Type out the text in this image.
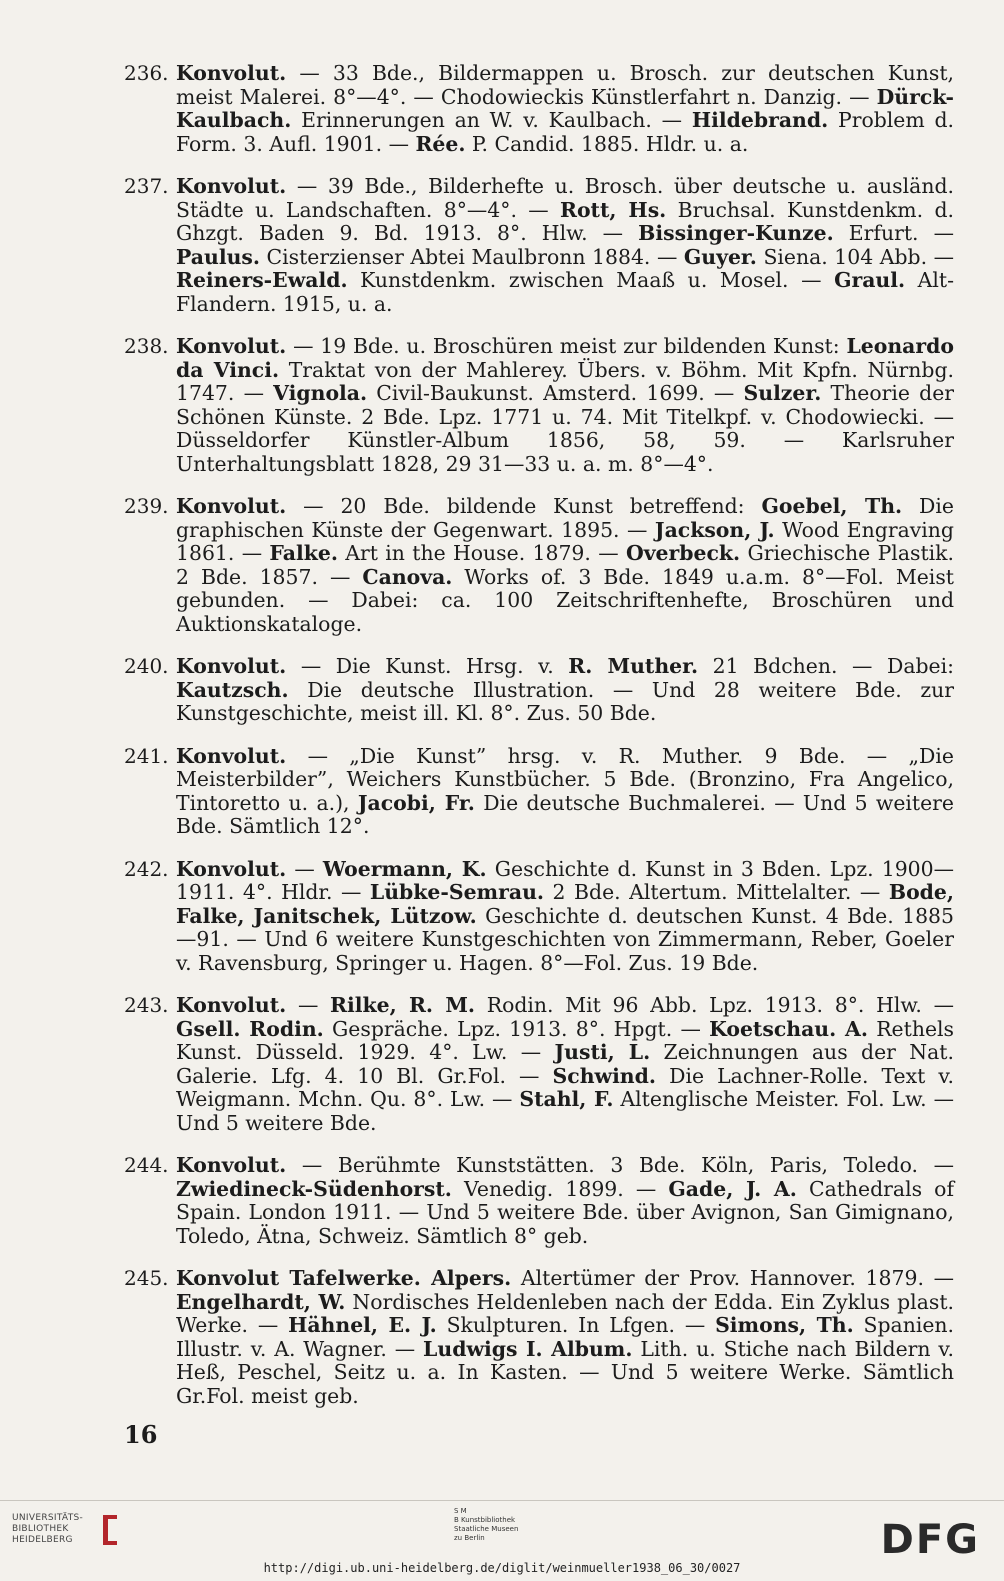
236. Konvolut. — 33 Bde., Bildermappen u. Brosch. zur deutschen Kunst, meist Malerei. 8°—4°. — Chodowieckis Künstlerfahrt n. Danzig. — Dürck-Kaulbach. Erinnerungen an W. v. Kaulbach. — Hildebrand. Problem d. Form. 3. Aufl. 1901. — Rée. P. Candid. 1885. Hldr. u. a.
237. Konvolut. — 39 Bde., Bilderhefte u. Brosch. über deutsche u. ausländ. Städte u. Landschaften. 8°—4°. — Rott, Hs. Bruchsal. Kunstdenkm. d. Ghzgt. Baden 9. Bd. 1913. 8°. Hlw. — Bissinger-Kunze. Erfurt. — Paulus. Cisterzienser Abtei Maulbronn 1884. — Guyer. Siena. 104 Abb. — Reiners-Ewald. Kunstdenkm. zwischen Maaß u. Mosel. — Graul. Alt-Flandern. 1915, u. a.
238. Konvolut. — 19 Bde. u. Broschüren meist zur bildenden Kunst: Leonardo da Vinci. Traktat von der Mahlerey. Übers. v. Böhm. Mit Kpfn. Nürnbg. 1747. — Vignola. Civil-Baukunst. Amsterd. 1699. — Sulzer. Theorie der Schönen Künste. 2 Bde. Lpz. 1771 u. 74. Mit Titelkpf. v. Chodowiecki. — Düsseldorfer Künstler-Album 1856, 58, 59. — Karlsruher Unterhaltungsblatt 1828, 29 31—33 u. a. m. 8°—4°.
239. Konvolut. — 20 Bde. bildende Kunst betreffend: Goebel, Th. Die graphischen Künste der Gegenwart. 1895. — Jackson, J. Wood Engraving 1861. — Falke. Art in the House. 1879. — Overbeck. Griechische Plastik. 2 Bde. 1857. — Canova. Works of. 3 Bde. 1849 u.a.m. 8°—Fol. Meist gebunden. — Dabei: ca. 100 Zeitschriftenhefte, Broschüren und Auktionskataloge.
240. Konvolut. — Die Kunst. Hrsg. v. R. Muther. 21 Bdchen. — Dabei: Kautzsch. Die deutsche Illustration. — Und 28 weitere Bde. zur Kunstgeschichte, meist ill. Kl. 8°. Zus. 50 Bde.
241. Konvolut. — „Die Kunst” hrsg. v. R. Muther. 9 Bde. — „Die Meisterbilder”, Weichers Kunstbücher. 5 Bde. (Bronzino, Fra Angelico, Tintoretto u. a.), Jacobi, Fr. Die deutsche Buchmalerei. — Und 5 weitere Bde. Sämtlich 12°.
242. Konvolut. — Woermann, K. Geschichte d. Kunst in 3 Bden. Lpz. 1900—1911. 4°. Hldr. — Lübke-Semrau. 2 Bde. Altertum. Mittelalter. — Bode, Falke, Janitschek, Lützow. Geschichte d. deutschen Kunst. 4 Bde. 1885—91. — Und 6 weitere Kunstgeschichten von Zimmermann, Reber, Goeler v. Ravensburg, Springer u. Hagen. 8°—Fol. Zus. 19 Bde.
243. Konvolut. — Rilke, R. M. Rodin. Mit 96 Abb. Lpz. 1913. 8°. Hlw. — Gsell. Rodin. Gespräche. Lpz. 1913. 8°. Hpgt. — Koetschau. A. Rethels Kunst. Düsseld. 1929. 4°. Lw. — Justi, L. Zeichnungen aus der Nat. Galerie. Lfg. 4. 10 Bl. Gr.Fol. — Schwind. Die Lachner-Rolle. Text v. Weigmann. Mchn. Qu. 8°. Lw. — Stahl, F. Altenglische Meister. Fol. Lw. — Und 5 weitere Bde.
244. Konvolut. — Berühmte Kunststätten. 3 Bde. Köln, Paris, Toledo. — Zwiedineck-Südenhorst. Venedig. 1899. — Gade, J. A. Cathedrals of Spain. London 1911. — Und 5 weitere Bde. über Avignon, San Gimignano, Toledo, Ätna, Schweiz. Sämtlich 8° geb.
245. Konvolut Tafelwerke. Alpers. Altertümer der Prov. Hannover. 1879. — Engelhardt, W. Nordisches Heldenleben nach der Edda. Ein Zyklus plast. Werke. — Hähnel, E. J. Skulpturen. In Lfgen. — Simons, Th. Spanien. Illustr. v. A. Wagner. — Ludwigs I. Album. Lith. u. Stiche nach Bildern v. Heß, Peschel, Seitz u. a. In Kasten. — Und 5 weitere Werke. Sämtlich Gr.Fol. meist geb.
16
UNIVERSITÄTS-
BIBLIOTHEK
HEIDELBERG
S M
B Kunstbibliothek
Staatliche Museen
zu Berlin	DFG
http://digi.ub.uni-heidelberg.de/diglit/weinmueller1938_06_30/0027
